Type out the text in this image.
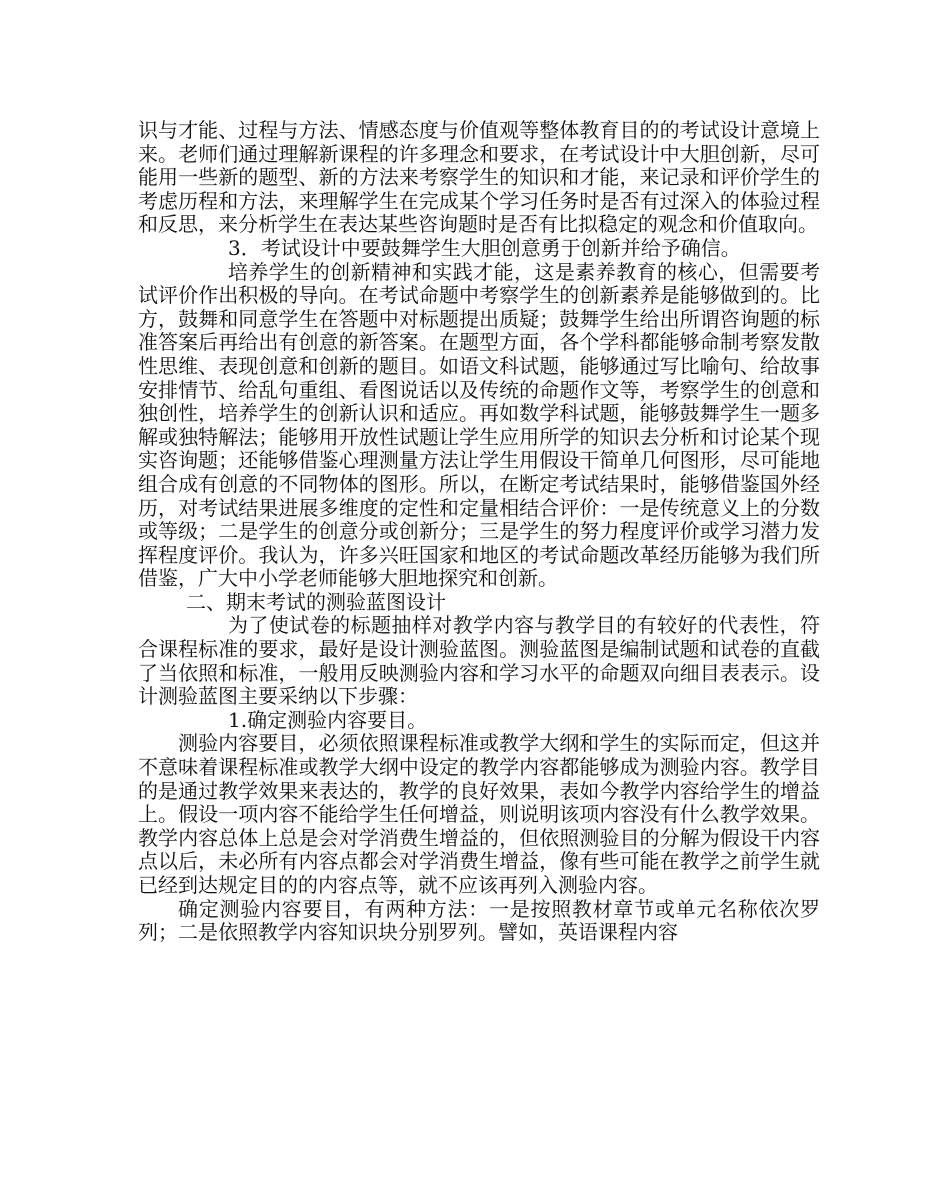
识与才能、过程与方法、情感态度与价值观等整体教育目的的考试设计意境上来。老师们通过理解新课程的许多理念和要求，在考试设计中大胆创新，尽可能用一些新的题型、新的方法来考察学生的知识和才能，来记录和评价学生的考虑历程和方法，来理解学生在完成某个学习任务时是否有过深入的体验过程和反思，来分析学生在表达某些咨询题时是否有比拟稳定的观念和价值取向。

3．考试设计中要鼓舞学生大胆创意勇于创新并给予确信。

培养学生的创新精神和实践才能，这是素养教育的核心，但需要考试评价作出积极的导向。在考试命题中考察学生的创新素养是能够做到的。比方，鼓舞和同意学生在答题中对标题提出质疑；鼓舞学生给出所谓咨询题的标准答案后再给出有创意的新答案。在题型方面，各个学科都能够命制考察发散性思维、表现创意和创新的题目。如语文科试题，能够通过写比喻句、给故事安排情节、给乱句重组、看图说话以及传统的命题作文等，考察学生的创意和独创性，培养学生的创新认识和适应。再如数学科试题，能够鼓舞学生一题多解或独特解法；能够用开放性试题让学生应用所学的知识去分析和讨论某个现实咨询题；还能够借鉴心理测量方法让学生用假设干简单几何图形，尽可能地组合成有创意的不同物体的图形。所以，在断定考试结果时，能够借鉴国外经历，对考试结果进展多维度的定性和定量相结合评价：一是传统意义上的分数或等级；二是学生的创意分或创新分；三是学生的努力程度评价或学习潜力发挥程度评价。我认为，许多兴旺国家和地区的考试命题改革经历能够为我们所借鉴，广大中小学老师能够大胆地探究和创新。

二、期末考试的测验蓝图设计

为了使试卷的标题抽样对教学内容与教学目的有较好的代表性，符合课程标准的要求，最好是设计测验蓝图。测验蓝图是编制试题和试卷的直截了当依照和标准，一般用反映测验内容和学习水平的命题双向细目表表示。设计测验蓝图主要采纳以下步骤：

1.确定测验内容要目。

测验内容要目，必须依照课程标准或教学大纲和学生的实际而定，但这并不意味着课程标准或教学大纲中设定的教学内容都能够成为测验内容。教学目的是通过教学效果来表达的，教学的良好效果，表如今教学内容给学生的增益上。假设一项内容不能给学生任何增益，则说明该项内容没有什么教学效果。教学内容总体上总是会对学消费生增益的，但依照测验目的分解为假设干内容点以后，未必所有内容点都会对学消费生增益，像有些可能在教学之前学生就已经到达规定目的的内容点等，就不应该再列入测验内容。

确定测验内容要目，有两种方法：一是按照教材章节或单元名称依次罗列；二是依照教学内容知识块分别罗列。譬如，英语课程内容
